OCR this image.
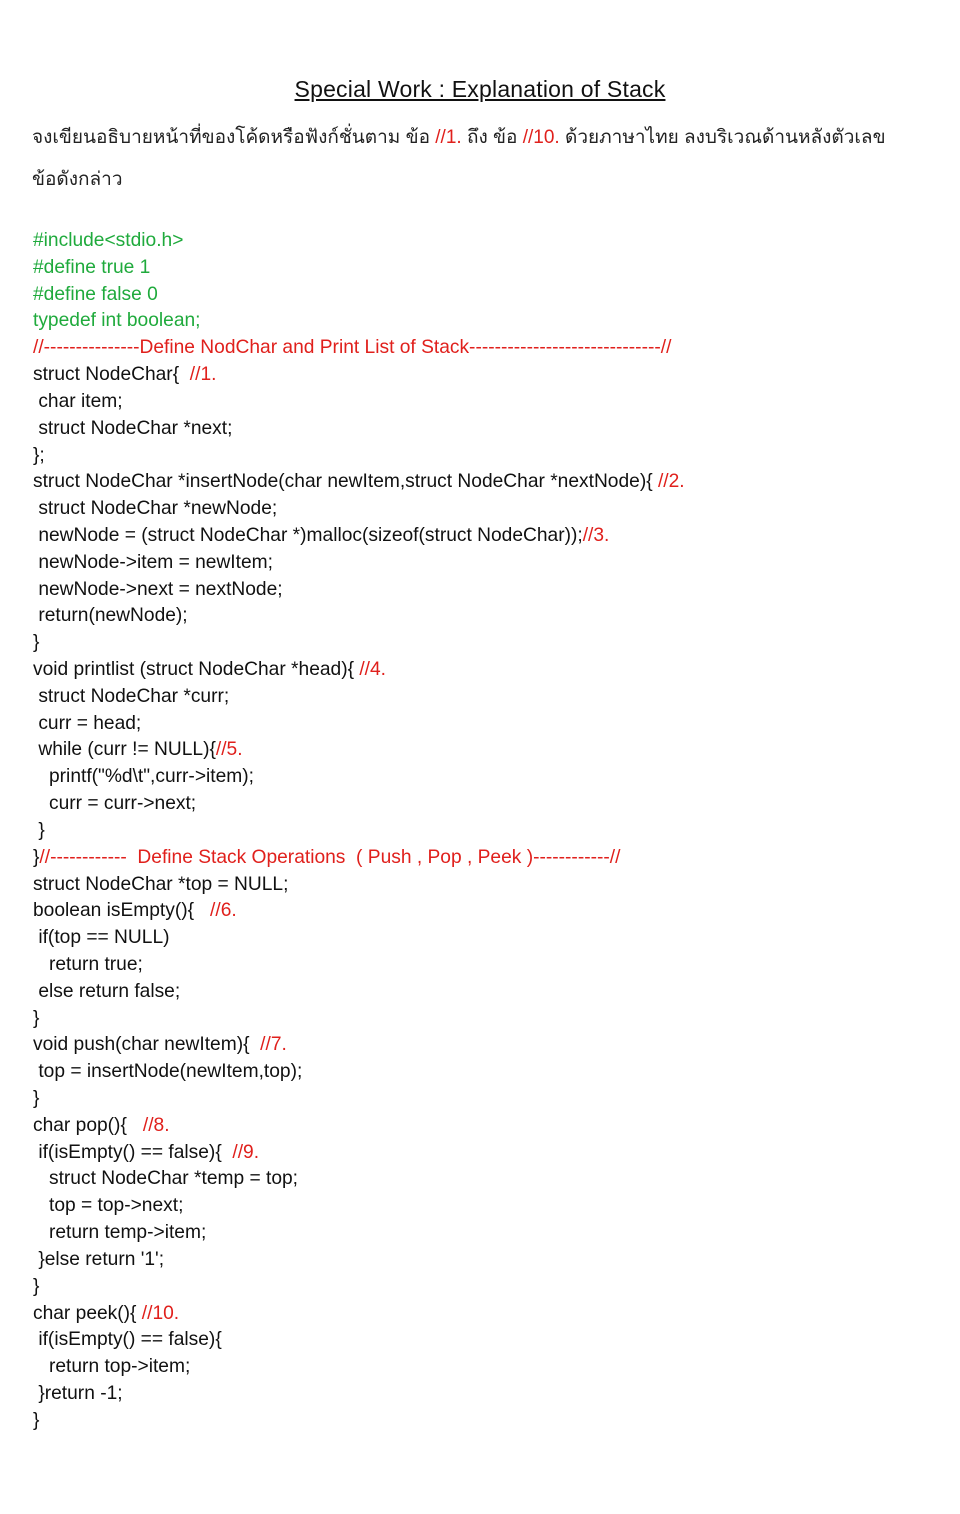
Special Work : Explanation of Stack
จงเขียนอธิบายหน้าที่ของโค้ดหรือฟังก์ชั่นตาม ข้อ //1. ถึง ข้อ //10. ด้วยภาษาไทย ลงบริเวณด้านหลังตัวเลข
ข้อดังกล่าว
#include<stdio.h>
#define true 1
#define false 0
typedef int boolean;
//---------------Define NodChar and Print List of Stack------------------------------//
struct NodeChar{  //1.
char item;
struct NodeChar *next;
};
struct NodeChar *insertNode(char newItem,struct NodeChar *nextNode){ //2.
struct NodeChar *newNode;
newNode = (struct NodeChar *)malloc(sizeof(struct NodeChar));//3.
newNode->item = newItem;
newNode->next = nextNode;
return(newNode);
}
void printlist (struct NodeChar *head){ //4.
struct NodeChar *curr;
curr = head;
while (curr != NULL){//5.
printf("%d\t",curr->item);
curr = curr->next;
}
}//------------  Define Stack Operations  ( Push , Pop , Peek )------------//
struct NodeChar *top = NULL;
boolean isEmpty(){   //6.
if(top == NULL)
return true;
else return false;
}
void push(char newItem){  //7.
top = insertNode(newItem,top);
}
char pop(){   //8.
if(isEmpty() == false){  //9.
struct NodeChar *temp = top;
top = top->next;
return temp->item;
}else return '1';
}
char peek(){ //10.
if(isEmpty() == false){
return top->item;
}return -1;
}
